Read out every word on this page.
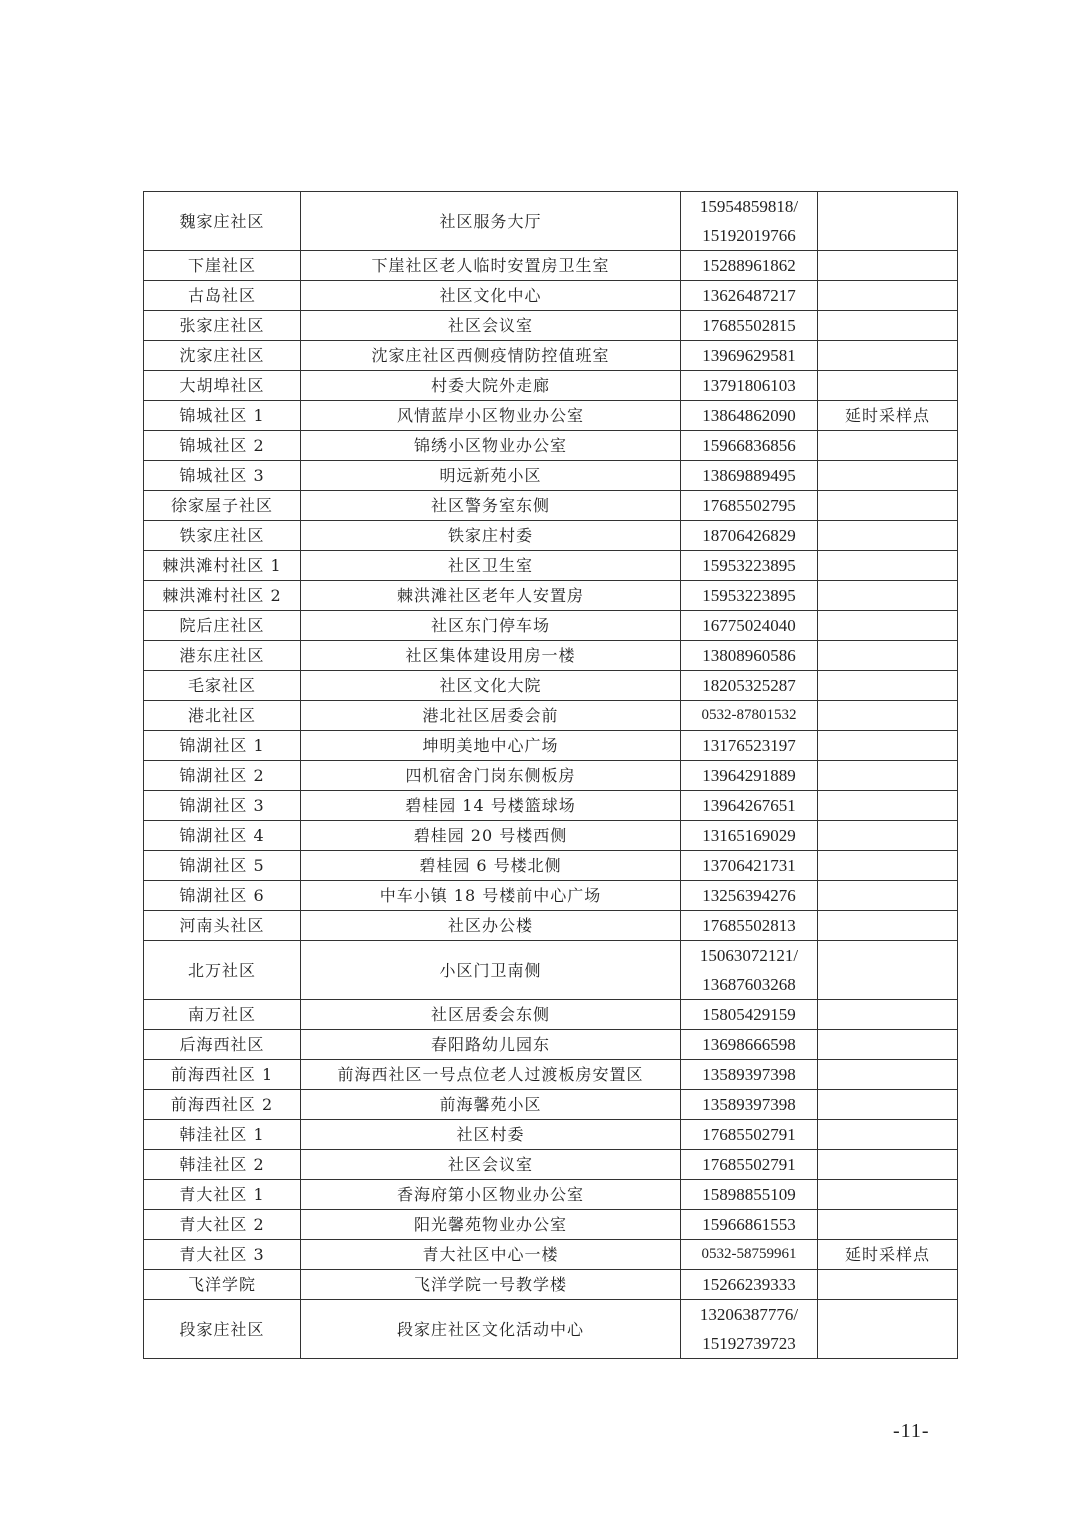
魏家庄社区	社区服务大厅	15954859818/
15192019766	

下崖社区	下崖社区老人临时安置房卫生室	15288961862	

古岛社区	社区文化中心	13626487217	

张家庄社区	社区会议室	17685502815	

沈家庄社区	沈家庄社区西侧疫情防控值班室	13969629581	

大胡埠社区	村委大院外走廊	13791806103	

锦城社区 1	风情蓝岸小区物业办公室	13864862090	延时采样点
锦城社区 2	锦绣小区物业办公室	15966836856	

锦城社区 3	明远新苑小区	13869889495	

徐家屋子社区	社区警务室东侧	17685502795	

铁家庄社区	铁家庄村委	18706426829	

棘洪滩村社区 1	社区卫生室	15953223895	

棘洪滩村社区 2	棘洪滩社区老年人安置房	15953223895	

院后庄社区	社区东门停车场	16775024040	

港东庄社区	社区集体建设用房一楼	13808960586	

毛家社区	社区文化大院	18205325287	

港北社区	港北社区居委会前	0532-87801532	

锦湖社区 1	坤明美地中心广场	13176523197	

锦湖社区 2	四机宿舍门岗东侧板房	13964291889	

锦湖社区 3	碧桂园 14 号楼篮球场	13964267651	

锦湖社区 4	碧桂园 20 号楼西侧	13165169029	

锦湖社区 5	碧桂园 6 号楼北侧	13706421731	

锦湖社区 6	中车小镇 18 号楼前中心广场	13256394276	

河南头社区	社区办公楼	17685502813	

北万社区	小区门卫南侧	15063072121/
13687603268	

南万社区	社区居委会东侧	15805429159	

后海西社区	春阳路幼儿园东	13698666598	

前海西社区 1	前海西社区一号点位老人过渡板房安置区	13589397398	

前海西社区 2	前海馨苑小区	13589397398	

韩洼社区 1	社区村委	17685502791	

韩洼社区 2	社区会议室	17685502791	

青大社区 1	香海府第小区物业办公室	15898855109	

青大社区 2	阳光馨苑物业办公室	15966861553	

青大社区 3	青大社区中心一楼	0532-58759961	延时采样点
飞洋学院	飞洋学院一号教学楼	15266239333	

段家庄社区	段家庄社区文化活动中心	13206387776/
15192739723	

-11-
